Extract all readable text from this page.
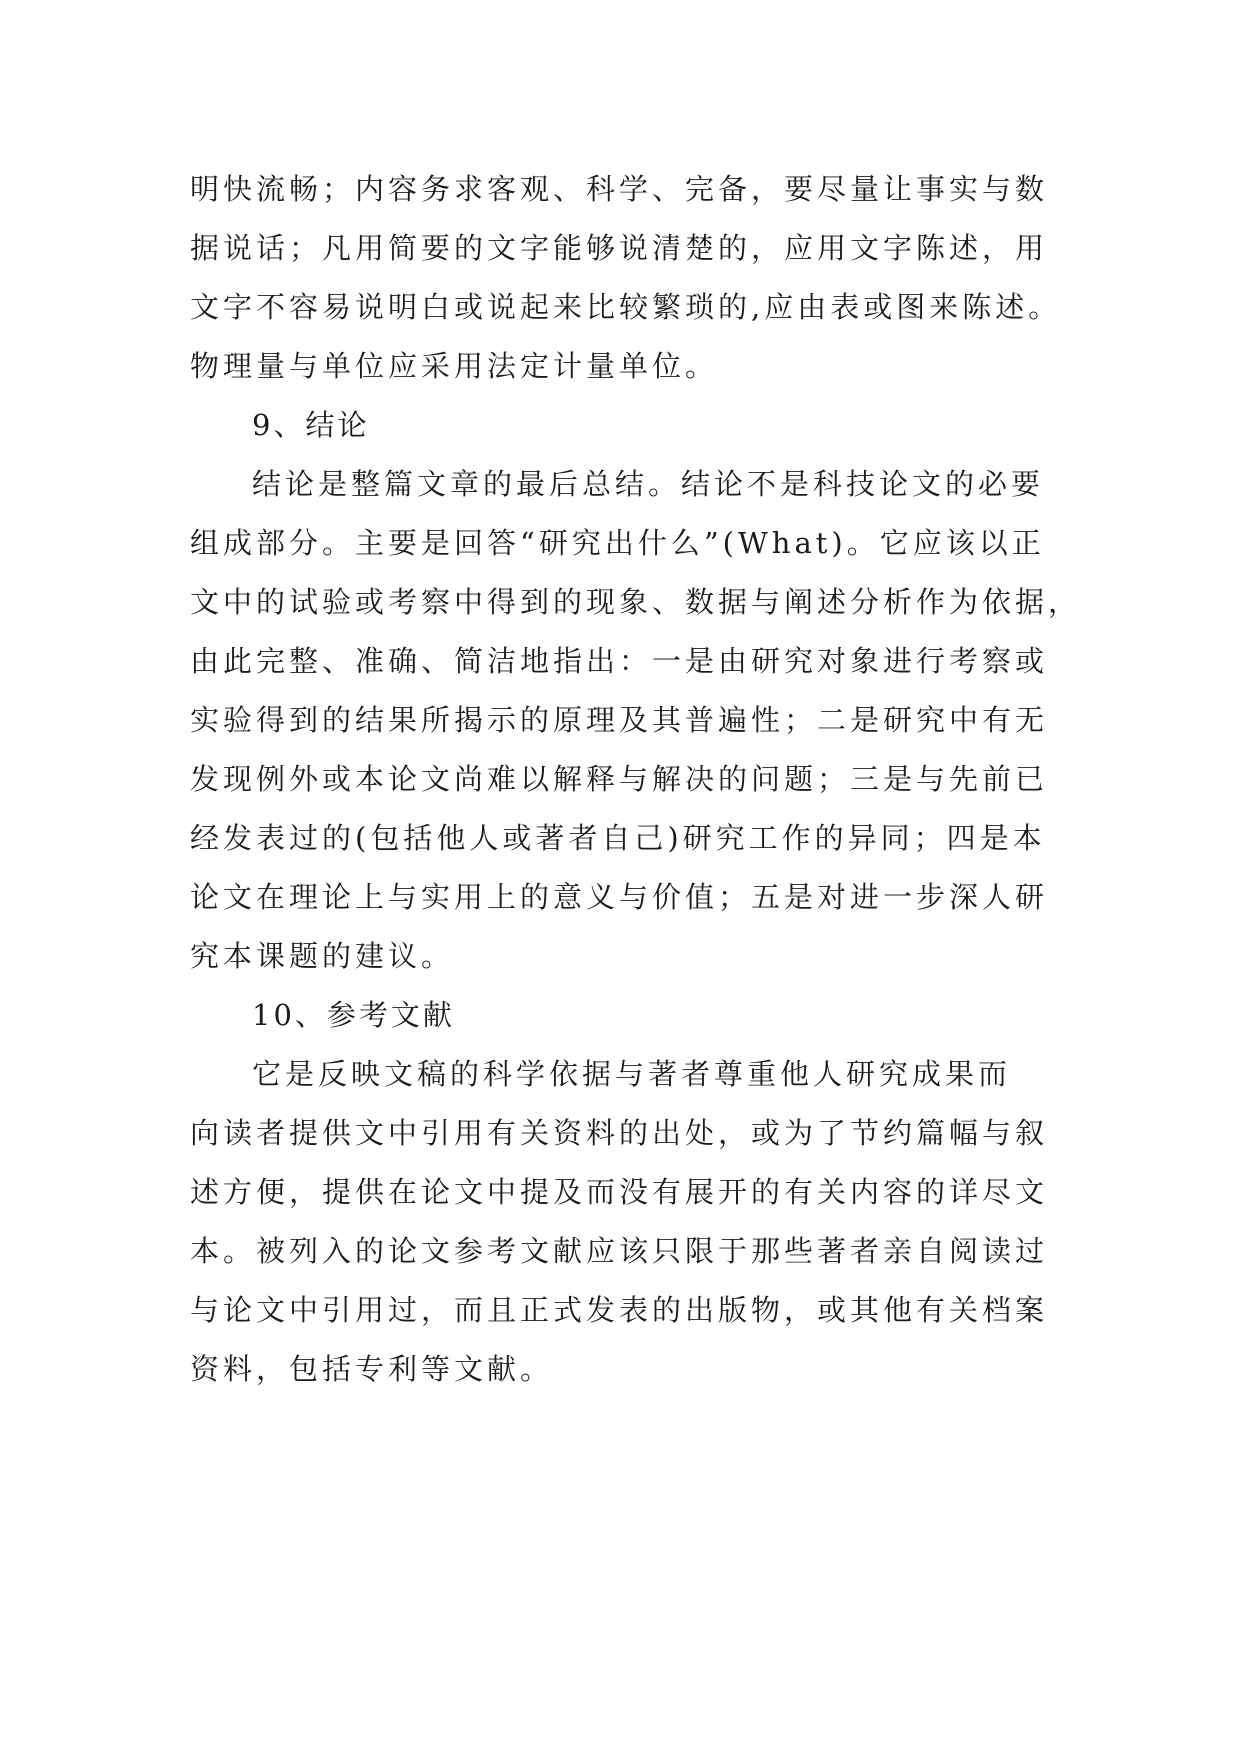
明快流畅；内容务求客观、科学、完备，要尽量让事实与数
据说话；凡用简要的文字能够说清楚的，应用文字陈述，用
文字不容易说明白或说起来比较繁琐的,应由表或图来陈述。
物理量与单位应采用法定计量单位。
9、结论
结论是整篇文章的最后总结。结论不是科技论文的必要
组成部分。主要是回答“研究出什么”(What)。它应该以正
文中的试验或考察中得到的现象、数据与阐述分析作为依据，
由此完整、准确、简洁地指出：一是由研究对象进行考察或
实验得到的结果所揭示的原理及其普遍性；二是研究中有无
发现例外或本论文尚难以解释与解决的问题；三是与先前已
经发表过的(包括他人或著者自己)研究工作的异同；四是本
论文在理论上与实用上的意义与价值；五是对进一步深人研
究本课题的建议。
10、参考文献
它是反映文稿的科学依据与著者尊重他人研究成果而
向读者提供文中引用有关资料的出处，或为了节约篇幅与叙
述方便，提供在论文中提及而没有展开的有关内容的详尽文
本。被列入的论文参考文献应该只限于那些著者亲自阅读过
与论文中引用过，而且正式发表的出版物，或其他有关档案
资料，包括专利等文献。
